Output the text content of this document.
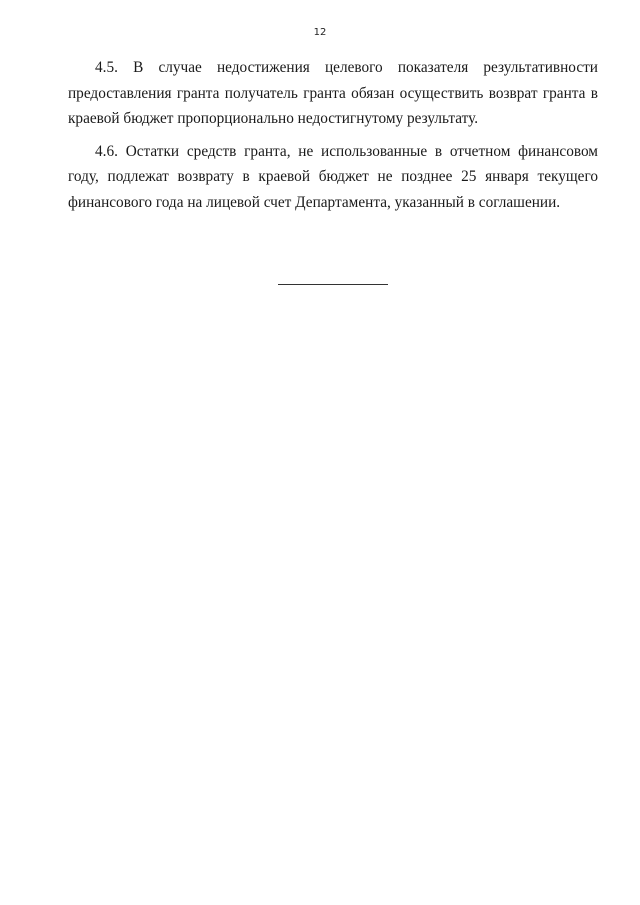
12

4.5. В случае недостижения целевого показателя результативности предоставления гранта получатель гранта обязан осуществить возврат гранта в краевой бюджет пропорционально недостигнутому результату.

4.6. Остатки средств гранта, не использованные в отчетном финансовом году, подлежат возврату в краевой бюджет не позднее 25 января текущего финансового года на лицевой счет Департамента, указанный в соглашении.
